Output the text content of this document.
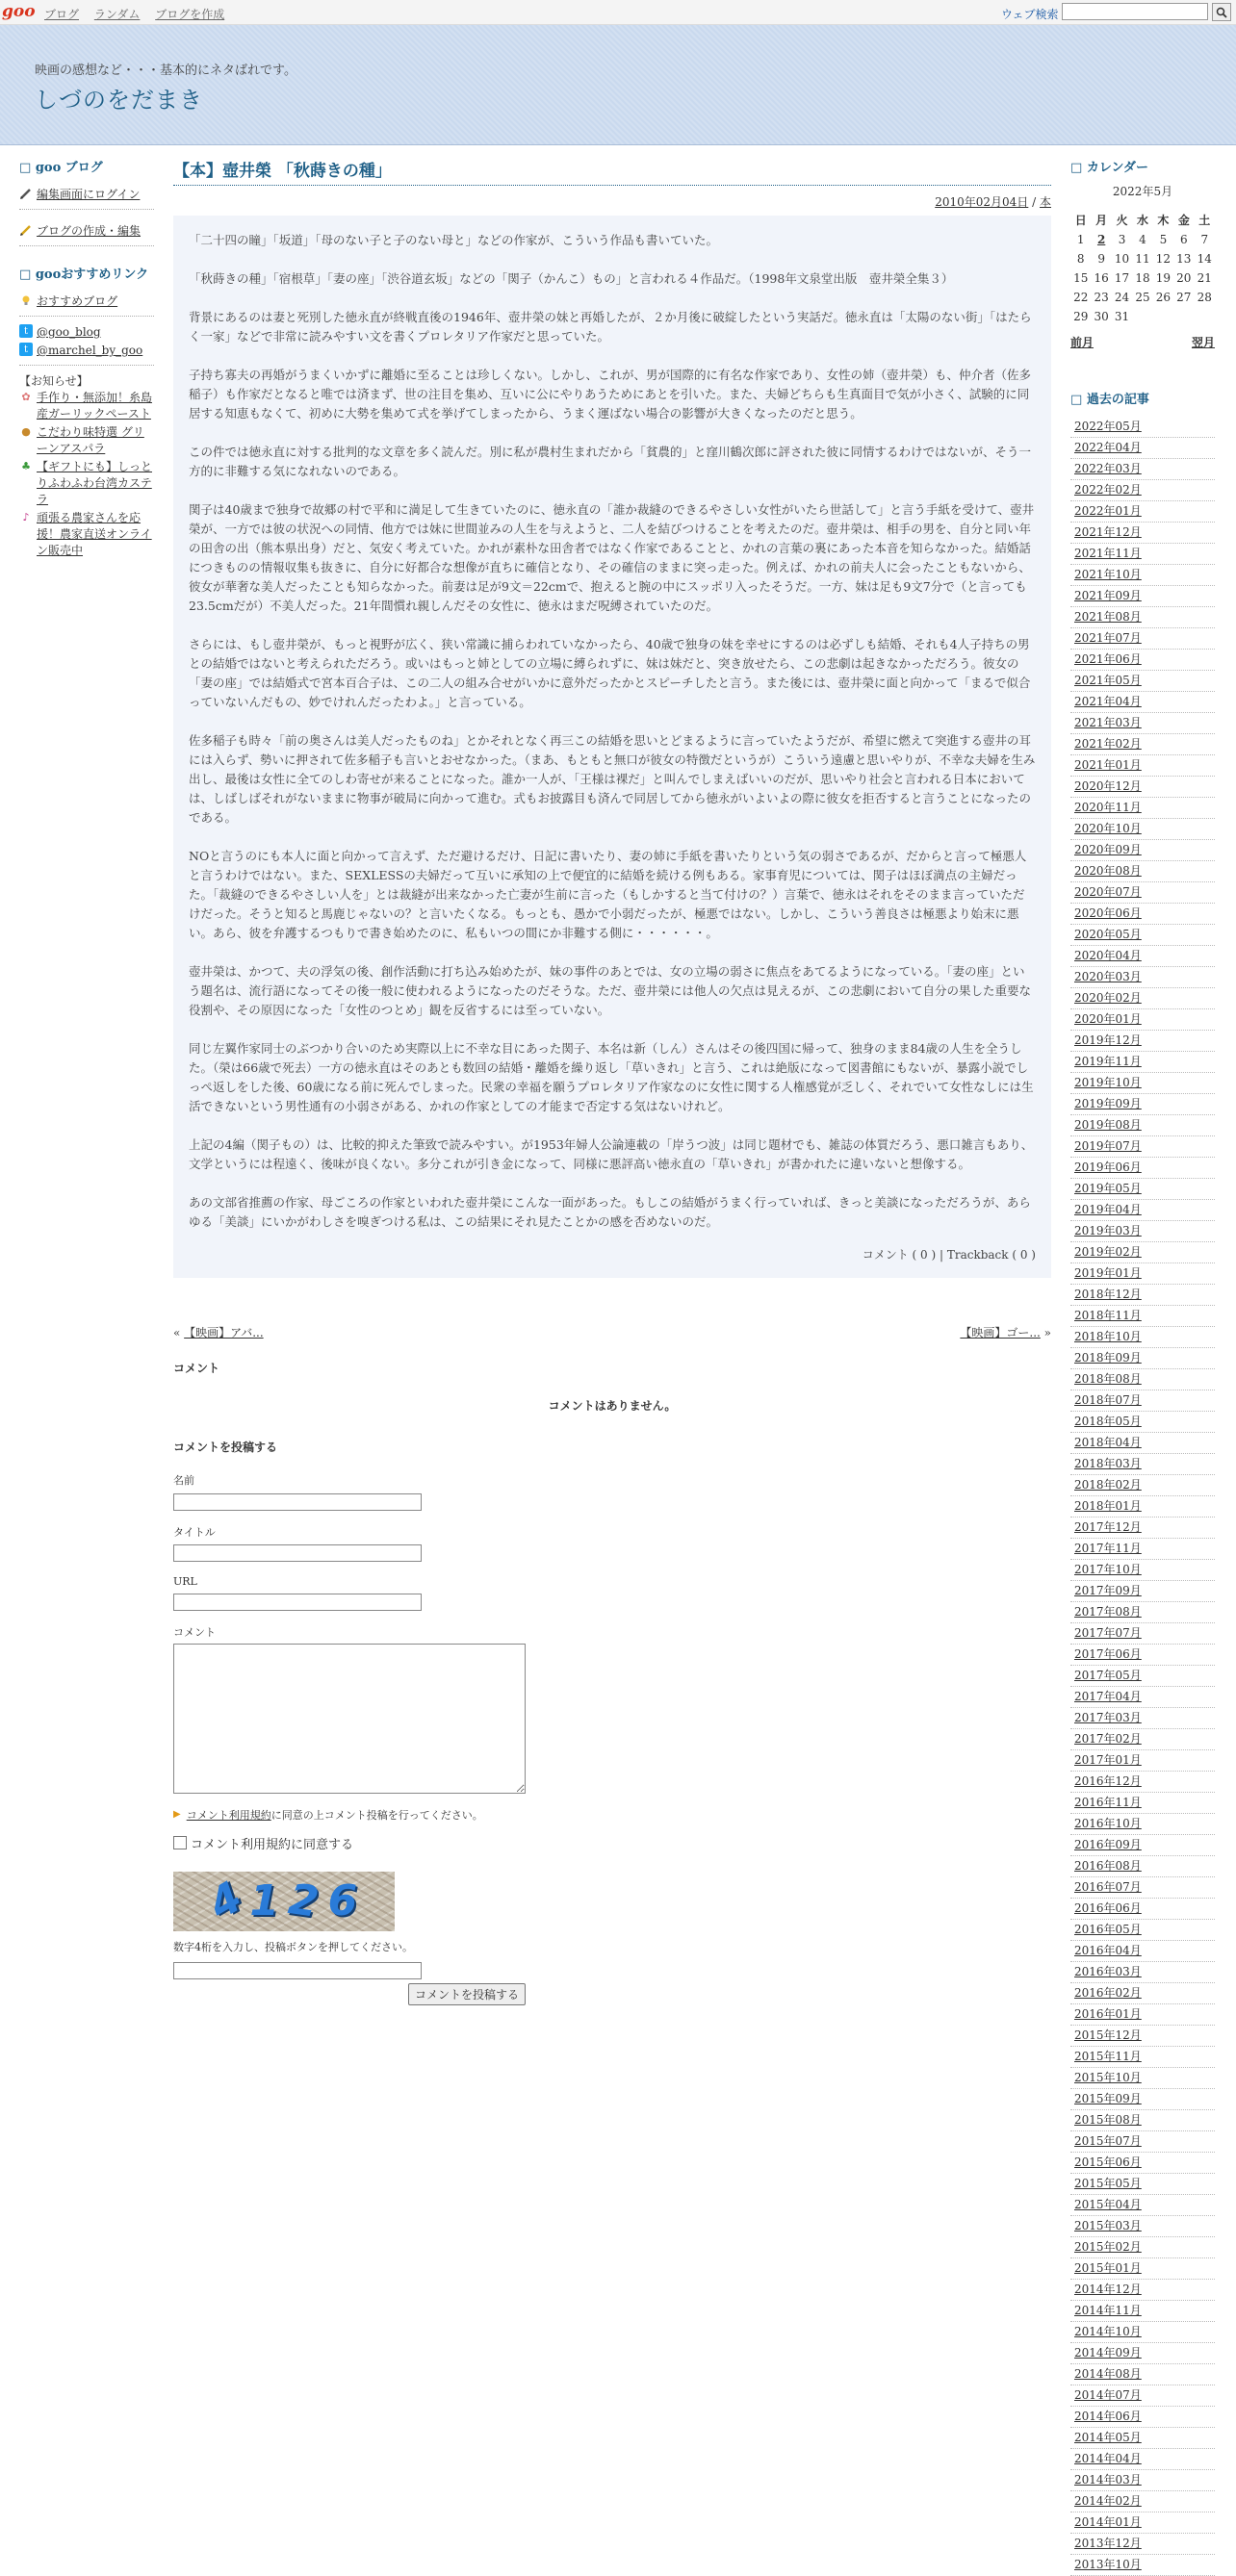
goo ブログ ランダム ブログを作成	ウェブ検索
映画の感想など・・・基本的にネタばれです。
しづのをだまき
□ goo ブログ
編集画面にログイン
ブログの作成・編集
□ gooおすすめリンク
おすすめブログ
t @goo_blog
t @marchel_by_goo
【お知らせ】
✿ 手作り・無添加！糸島産ガーリックペースト
● こだわり味特選 グリーンアスパラ
♣ 【ギフトにも】しっとりふわふわ台湾カステラ
♪ 頑張る農家さんを応援！農家直送オンライン販売中
【本】壺井榮 「秋蒔きの種」
2010年02月04日 / 本

「二十四の瞳」「坂道」「母のない子と子のない母と」などの作家が、こういう作品も書いていた。

「秋蒔きの種」「宿根草」「妻の座」「渋谷道玄坂」などの「関子（かんこ）もの」と言われる４作品だ。（1998年文泉堂出版　壺井榮全集３）

背景にあるのは妻と死別した徳永直が終戦直後の1946年、壺井榮の妹と再婚したが、２か月後に破綻したという実話だ。徳永直は「太陽のない街」「はたらく一家」などで非常に読みやすい文を書くプロレタリア作家だと思っていた。

子持ち寡夫の再婚がうまくいかずに離婚に至ることは珍しくない。しかし、これが、男が国際的に有名な作家であり、女性の姉（壺井榮）も、仲介者（佐多稲子）も作家だとなると唯では済まず、世の注目を集め、互いに公にやりあうためにあとを引いた。また、夫婦どちらも生真面目で気が小さく、試験的に同居する知恵もなくて、初めに大勢を集めて式を挙げてしまったから、うまく運ばない場合の影響が大きくなったのだと思う。

この件では徳永直に対する批判的な文章を多く読んだ。別に私が農村生まれだから「貧農的」と窪川鶴次郎に評された彼に同情するわけではないが、そう一方的に非難する気になれないのである。

関子は40歳まで独身で故郷の村で平和に満足して生きていたのに、徳永直の「誰か裁縫のできるやさしい女性がいたら世話して」と言う手紙を受けて、壺井榮が、一方では彼の状況への同情、他方では妹に世間並みの人生を与えようと、二人を結びつけることを考えたのだ。壺井榮は、相手の男を、自分と同い年の田舎の出（熊本県出身）だと、気安く考えていた。かれが素朴な田舎者ではなく作家であることと、かれの言葉の裏にあった本音を知らなかった。結婚話につきものの情報収集も抜きに、自分に好都合な想像が直ちに確信となり、その確信のままに突っ走った。例えば、かれの前夫人に会ったこともないから、彼女が華奢な美人だったことも知らなかった。前妻は足が9文＝22cmで、抱えると腕の中にスッポリ入ったそうだ。一方、妹は足も9文7分で（と言っても23.5cmだが）不美人だった。21年間慣れ親しんだその女性に、徳永はまだ呪縛されていたのだ。

さらには、もし壺井榮が、もっと視野が広く、狭い常識に捕らわれていなかったら、40歳で独身の妹を幸せにするのは必ずしも結婚、それも4人子持ちの男との結婚ではないと考えられただろう。或いはもっと姉としての立場に縛られずに、妹は妹だと、突き放せたら、この悲劇は起きなかっただろう。彼女の「妻の座」では結婚式で宮本百合子は、この二人の組み合せがいかに意外だったかとスピーチしたと言う。また後には、壺井榮に面と向かって「まるで似合っていないんだもの、妙でけれんだったわよ。」と言っている。

佐多稲子も時々「前の奥さんは美人だったものね」とかそれとなく再三この結婚を思いとどまるように言っていたようだが、希望に燃えて突進する壺井の耳には入らず、勢いに押されて佐多稲子も言いとおせなかった。（まあ、もともと無口が彼女の特徴だというが）こういう遠慮と思いやりが、不幸な夫婦を生み出し、最後は女性に全てのしわ寄せが来ることになった。誰か一人が、「王様は裸だ」と叫んでしまえばいいのだが、思いやり社会と言われる日本においては、しばしばそれがないままに物事が破局に向かって進む。式もお披露目も済んで同居してから徳永がいよいよの際に彼女を拒否すると言うことになったのである。

NOと言うのにも本人に面と向かって言えず、ただ避けるだけ、日記に書いたり、妻の姉に手紙を書いたりという気の弱さであるが、だからと言って極悪人と言うわけではない。また、SEXLESSの夫婦だって互いに承知の上で便宜的に結婚を続ける例もある。家事育児については、関子はほぼ満点の主婦だった。「裁縫のできるやさしい人を」とは裁縫が出来なかった亡妻が生前に言った（もしかすると当て付けの？）言葉で、徳永はそれをそのまま言っていただけだった。そうと知ると馬鹿じゃないの？と言いたくなる。もっとも、愚かで小弱だったが、極悪ではない。しかし、こういう善良さは極悪より始末に悪い。あら、彼を弁護するつもりで書き始めたのに、私もいつの間にか非難する側に・・・・・・。

壺井榮は、かつて、夫の浮気の後、創作活動に打ち込み始めたが、妹の事件のあとでは、女の立場の弱さに焦点をあてるようになっている。「妻の座」という題名は、流行語になってその後一般に使われるようになったのだそうな。ただ、壺井榮には他人の欠点は見えるが、この悲劇において自分の果した重要な役割や、その原因になった「女性のつとめ」観を反省するには至っていない。

同じ左翼作家同士のぶつかり合いのため実際以上に不幸な目にあった関子、本名は新（しん）さんはその後四国に帰って、独身のまま84歳の人生を全うした。（榮は66歳で死去）一方の徳永直はそのあとも数回の結婚・離婚を繰り返し「草いきれ」と言う、これは絶版になって図書館にもないが、暴露小説でしっぺ返しをした後、60歳になる前に死んでしまった。民衆の幸福を願うプロレタリア作家なのに女性に関する人権感覚が乏しく、それでいて女性なしには生活できないという男性通有の小弱さがある、かれの作家としての才能まで否定する気はないけれど。

上記の4編（関子もの）は、比較的抑えた筆致で読みやすい。が1953年婦人公論連載の「岸うつ波」は同じ題材でも、雑誌の体質だろう、悪口雑言もあり、文学というには程遠く、後味が良くない。多分これが引き金になって、同様に悪評高い徳永直の「草いきれ」が書かれたに違いないと想像する。

あの文部省推薦の作家、母ごころの作家といわれた壺井榮にこんな一面があった。もしこの結婚がうまく行っていれば、きっと美談になっただろうが、あらゆる「美談」にいかがわしさを嗅ぎつける私は、この結果にそれ見たことかの感を否めないのだ。

コメント ( 0 ) | Trackback ( 0 )
« 【映画】アバ...	【映画】ゴー... »
コメント
コメントはありません。
コメントを投稿する
名前
タイトル
URL
コメント
▶ コメント利用規約に同意の上コメント投稿を行ってください。
コメント利用規約に同意する
4 1 2 6
数字4桁を入力し、投稿ボタンを押してください。
コメントを投稿する
□ カレンダー
2022年5月
日	月	火	水	木	金	土
1	2	3	4	5	6	7
8	9	10	11	12	13	14
15	16	17	18	19	20	21
22	23	24	25	26	27	28
29	30	31				
前月	翌月
□ 過去の記事
2022年05月
2022年04月
2022年03月
2022年02月
2022年01月
2021年12月
2021年11月
2021年10月
2021年09月
2021年08月
2021年07月
2021年06月
2021年05月
2021年04月
2021年03月
2021年02月
2021年01月
2020年12月
2020年11月
2020年10月
2020年09月
2020年08月
2020年07月
2020年06月
2020年05月
2020年04月
2020年03月
2020年02月
2020年01月
2019年12月
2019年11月
2019年10月
2019年09月
2019年08月
2019年07月
2019年06月
2019年05月
2019年04月
2019年03月
2019年02月
2019年01月
2018年12月
2018年11月
2018年10月
2018年09月
2018年08月
2018年07月
2018年05月
2018年04月
2018年03月
2018年02月
2018年01月
2017年12月
2017年11月
2017年10月
2017年09月
2017年08月
2017年07月
2017年06月
2017年05月
2017年04月
2017年03月
2017年02月
2017年01月
2016年12月
2016年11月
2016年10月
2016年09月
2016年08月
2016年07月
2016年06月
2016年05月
2016年04月
2016年03月
2016年02月
2016年01月
2015年12月
2015年11月
2015年10月
2015年09月
2015年08月
2015年07月
2015年06月
2015年05月
2015年04月
2015年03月
2015年02月
2015年01月
2014年12月
2014年11月
2014年10月
2014年09月
2014年08月
2014年07月
2014年06月
2014年05月
2014年04月
2014年03月
2014年02月
2014年01月
2013年12月
2013年10月
